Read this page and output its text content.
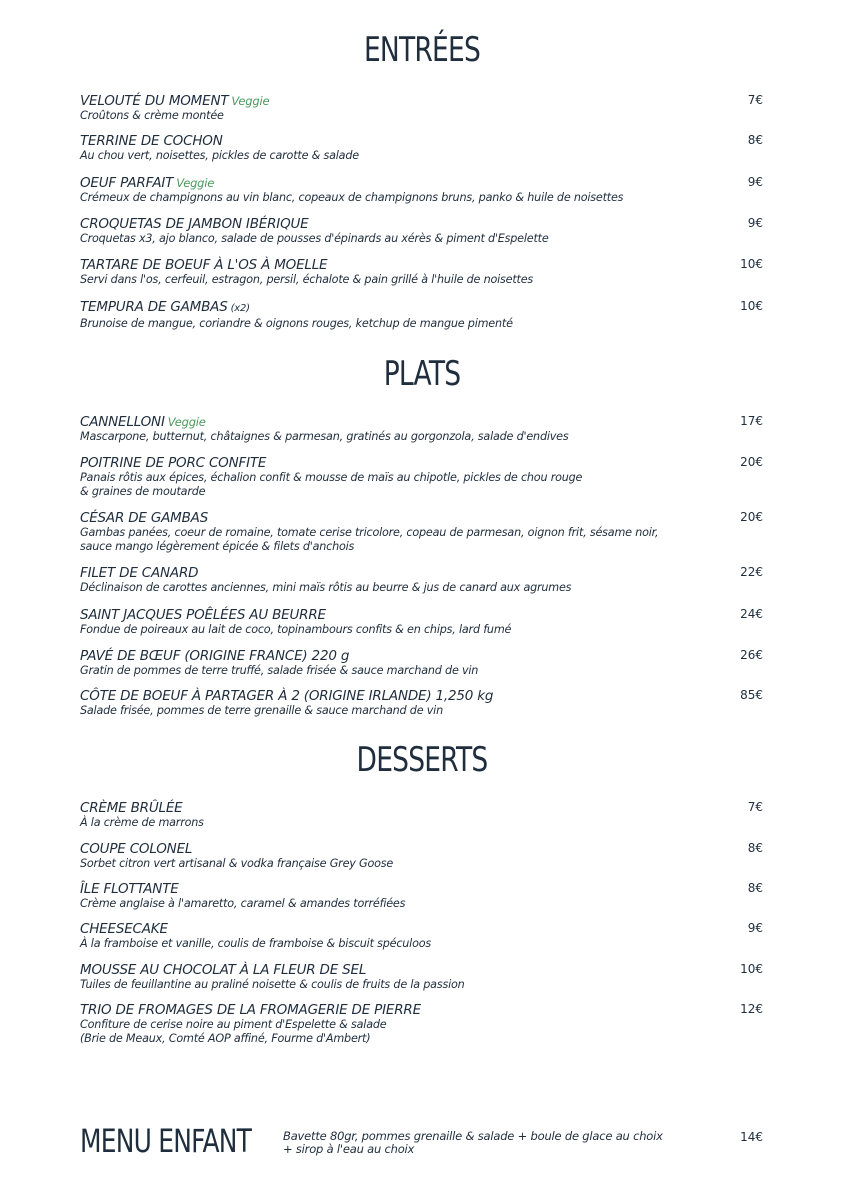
ENTRÉES
VELOUTÉ DU MOMENT Veggie
Croûtons & crème montée
7€
TERRINE DE COCHON
Au chou vert, noisettes, pickles de carotte & salade
8€
OEUF PARFAIT Veggie
Crémeux de champignons au vin blanc, copeaux de champignons bruns, panko & huile de noisettes
9€
CROQUETAS DE JAMBON IBÉRIQUE
Croquetas x3, ajo blanco, salade de pousses d'épinards au xérès & piment d'Espelette
9€
TARTARE DE BOEUF À L'OS À MOELLE
Servi dans l'os, cerfeuil, estragon, persil, échalote & pain grillé à l'huile de noisettes
10€
TEMPURA DE GAMBAS (x2)
Brunoise de mangue, coriandre & oignons rouges, ketchup de mangue pimenté
10€
PLATS
CANNELLONI Veggie
Mascarpone, butternut, châtaignes & parmesan, gratinés au gorgonzola, salade d'endives
17€
POITRINE DE PORC CONFITE
Panais rôtis aux épices, échalion confit & mousse de maïs au chipotle, pickles de chou rouge
& graines de moutarde
20€
CÉSAR DE GAMBAS
Gambas panées, coeur de romaine, tomate cerise tricolore, copeau de parmesan, oignon frit, sésame noir,
sauce mango légèrement épicée & filets d'anchois
20€
FILET DE CANARD
Déclinaison de carottes anciennes, mini maïs rôtis au beurre & jus de canard aux agrumes
22€
SAINT JACQUES POÊLÉES AU BEURRE
Fondue de poireaux au lait de coco, topinambours confits & en chips, lard fumé
24€
PAVÉ DE BŒUF (ORIGINE FRANCE) 220 g
Gratin de pommes de terre truffé, salade frisée & sauce marchand de vin
26€
CÔTE DE BOEUF À PARTAGER À 2 (ORIGINE IRLANDE) 1,250 kg
Salade frisée, pommes de terre grenaille & sauce marchand de vin
85€
DESSERTS
CRÈME BRÛLÉE
À la crème de marrons
7€
COUPE COLONEL
Sorbet citron vert artisanal & vodka française Grey Goose
8€
ÎLE FLOTTANTE
Crème anglaise à l'amaretto, caramel & amandes torréfiées
8€
CHEESECAKE
À la framboise et vanille, coulis de framboise & biscuit spéculoos
9€
MOUSSE AU CHOCOLAT À LA FLEUR DE SEL
Tuiles de feuillantine au praliné noisette & coulis de fruits de la passion
10€
TRIO DE FROMAGES DE LA FROMAGERIE DE PIERRE
Confiture de cerise noire au piment d'Espelette & salade
(Brie de Meaux, Comté AOP affiné, Fourme d'Ambert)
12€
MENU ENFANT	Bavette 80gr, pommes grenaille & salade + boule de glace au choix
+ sirop à l'eau au choix
14€
